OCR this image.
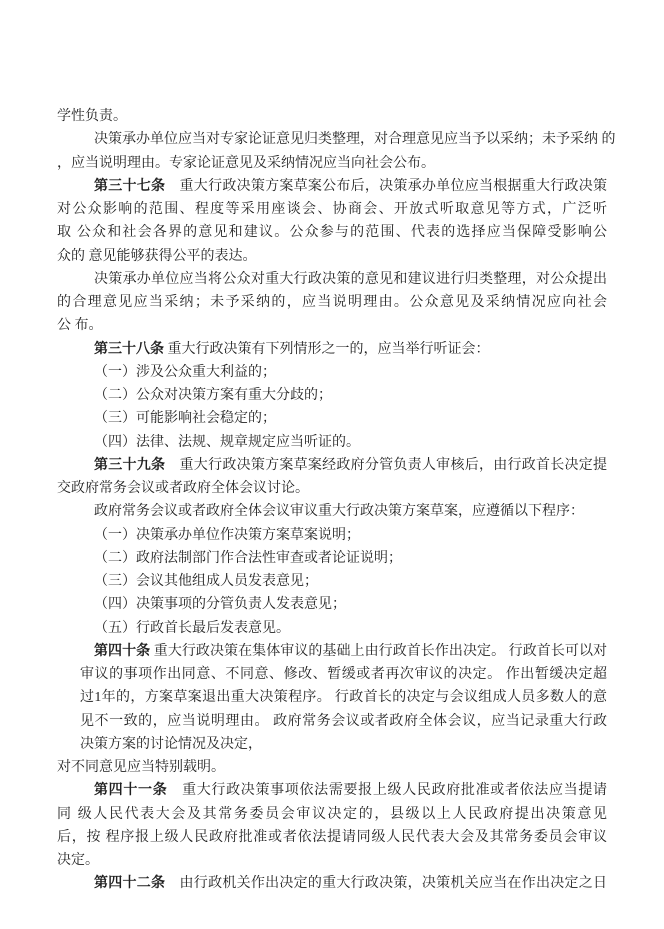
学性负责。
决策承办单位应当对专家论证意见归类整理，对合理意见应当予以采纳；未予采纳 的
，应当说明理由。专家论证意见及采纳情况应当向社会公布。
第三十七条　重大行政决策方案草案公布后，决策承办单位应当根据重大行政决策
对公众影响的范围、程度等采用座谈会、协商会、开放式听取意见等方式，广泛听
取 公众和社会各界的意见和建议。公众参与的范围、代表的选择应当保障受影响公
众的 意见能够获得公平的表达。
决策承办单位应当将公众对重大行政决策的意见和建议进行归类整理，对公众提出
的合理意见应当采纳；未予采纳的，应当说明理由。公众意见及采纳情况应向社会
公 布。
第三十八条 重大行政决策有下列情形之一的，应当举行听证会：
（一）涉及公众重大利益的；
（二）公众对决策方案有重大分歧的；
（三）可能影响社会稳定的；
（四）法律、法规、规章规定应当听证的。
第三十九条　重大行政决策方案草案经政府分管负责人审核后，由行政首长决定提
交政府常务会议或者政府全体会议讨论。
政府常务会议或者政府全体会议审议重大行政决策方案草案，应遵循以下程序：
（一）决策承办单位作决策方案草案说明；
（二）政府法制部门作合法性审查或者论证说明；
（三）会议其他组成人员发表意见；
（四）决策事项的分管负责人发表意见；
（五）行政首长最后发表意见。
第四十条 重大行政决策在集体审议的基础上由行政首长作出决定。 行政首长可以对
审议的事项作出同意、不同意、修改、暂缓或者再次审议的决定。 作出暂缓决定超
过1年的，方案草案退出重大决策程序。 行政首长的决定与会议组成人员多数人的意
见不一致的，应当说明理由。 政府常务会议或者政府全体会议，应当记录重大行政
决策方案的讨论情况及决定，
对不同意见应当特别载明。
第四十一条　重大行政决策事项依法需要报上级人民政府批准或者依法应当提请
同 级人民代表大会及其常务委员会审议决定的，县级以上人民政府提出决策意见
后，按 程序报上级人民政府批准或者依法提请同级人民代表大会及其常务委员会审议
决定。
第四十二条　由行政机关作出决定的重大行政决策，决策机关应当在作出决定之日
